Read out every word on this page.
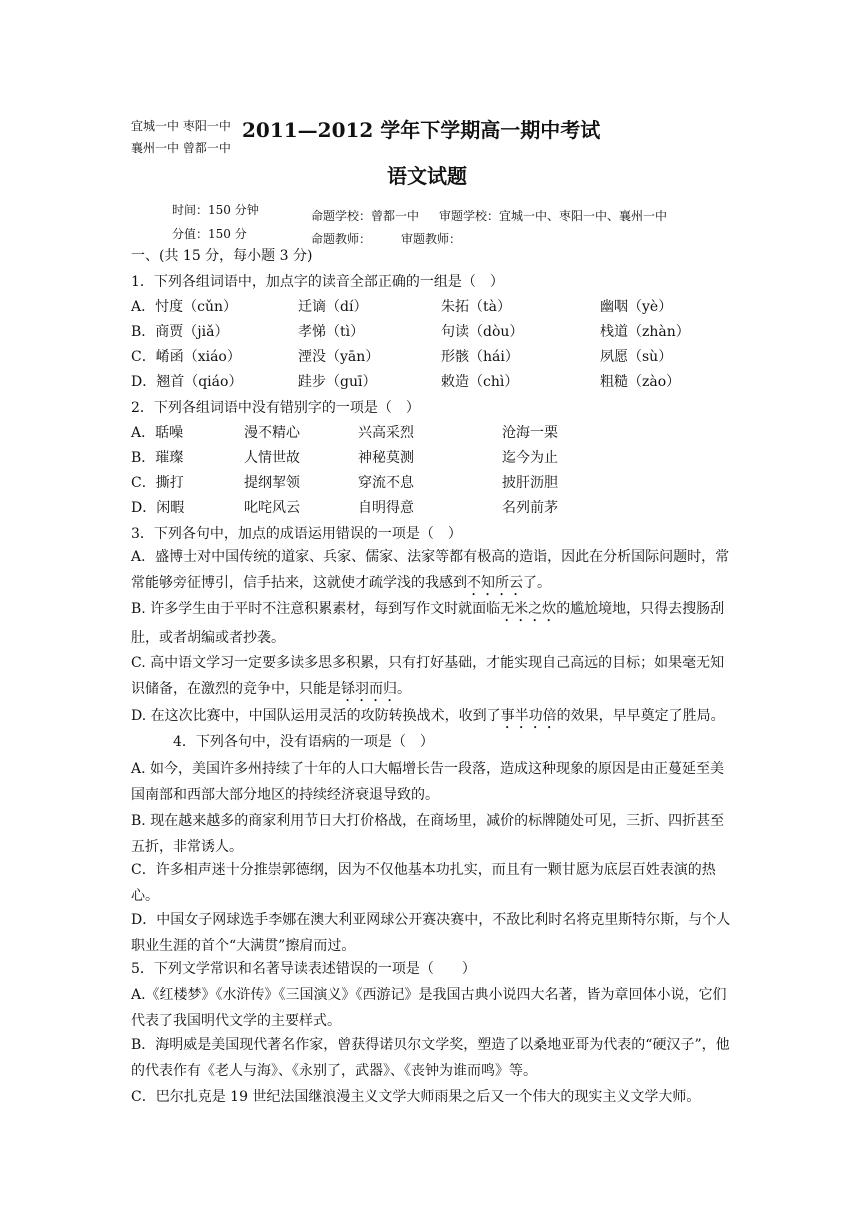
宜城一中 枣阳一中
襄州一中 曾都一中
2011—2012 学年下学期高一期中考试
语文试题
时间：150 分钟
分值：150 分
命题学校：曾都一中 审题学校：宜城一中、枣阳一中、襄州一中
命题教师： 审题教师：
一、(共 15 分，每小题 3 分)
1．下列各组词语中，加点字的读音全部正确的一组是（　）
A．忖度（cǔn）	迁谪（dí）	朱拓（tà）	幽咽（yè）
B．商贾（jiǎ）	孝悌（tì）	句读（dòu）	栈道（zhàn）
C．崤函（xiáo）	湮没（yān）	形骸（hái）	夙愿（sù）
D．翘首（qiáo）	跬步（guī）	敕造（chì）	粗糙（zào）
2．下列各组词语中没有错别字的一项是（　）
A．聒噪	漫不精心	兴高采烈	沧海一栗
B．璀璨	人情世故	神秘莫测	迄今为止
C．撕打	提纲挈领	穿流不息	披肝沥胆
D．闲暇	叱咤风云	自明得意	名列前茅
3．下列各句中，加点的成语运用错误的一项是（　）
A．盛博士对中国传统的道家、兵家、儒家、法家等都有极高的造诣，因此在分析国际问题时，常常能够旁征博引，信手拈来，这就使才疏学浅的我感到不知所云了。
B. 许多学生由于平时不注意积累素材，每到写作文时就面临无米之炊的尴尬境地，只得去搜肠刮肚，或者胡编或者抄袭。
C. 高中语文学习一定要多读多思多积累，只有打好基础，才能实现自己高远的目标；如果毫无知识储备，在激烈的竞争中，只能是铩羽而归。
D. 在这次比赛中，中国队运用灵活的攻防转换战术，收到了事半功倍的效果，早早奠定了胜局。
4．下列各句中，没有语病的一项是（　）
A. 如今，美国许多州持续了十年的人口大幅增长告一段落，造成这种现象的原因是由正蔓延至美国南部和西部大部分地区的持续经济衰退导致的。
B. 现在越来越多的商家利用节日大打价格战，在商场里，减价的标牌随处可见，三折、四折甚至五折，非常诱人。
C．许多相声迷十分推崇郭德纲，因为不仅他基本功扎实，而且有一颗甘愿为底层百姓表演的热心。
D．中国女子网球选手李娜在澳大利亚网球公开赛决赛中，不敌比利时名将克里斯特尔斯，与个人职业生涯的首个“大满贯”擦肩而过。
5．下列文学常识和名著导读表述错误的一项是（　　）
A.《红楼梦》《水浒传》《三国演义》《西游记》是我国古典小说四大名著，皆为章回体小说，它们代表了我国明代文学的主要样式。
B．海明威是美国现代著名作家，曾获得诺贝尔文学奖，塑造了以桑地亚哥为代表的“硬汉子”，他的代表作有《老人与海》、《永别了，武器》、《丧钟为谁而鸣》等。
C．巴尔扎克是 19 世纪法国继浪漫主义文学大师雨果之后又一个伟大的现实主义文学大师。
